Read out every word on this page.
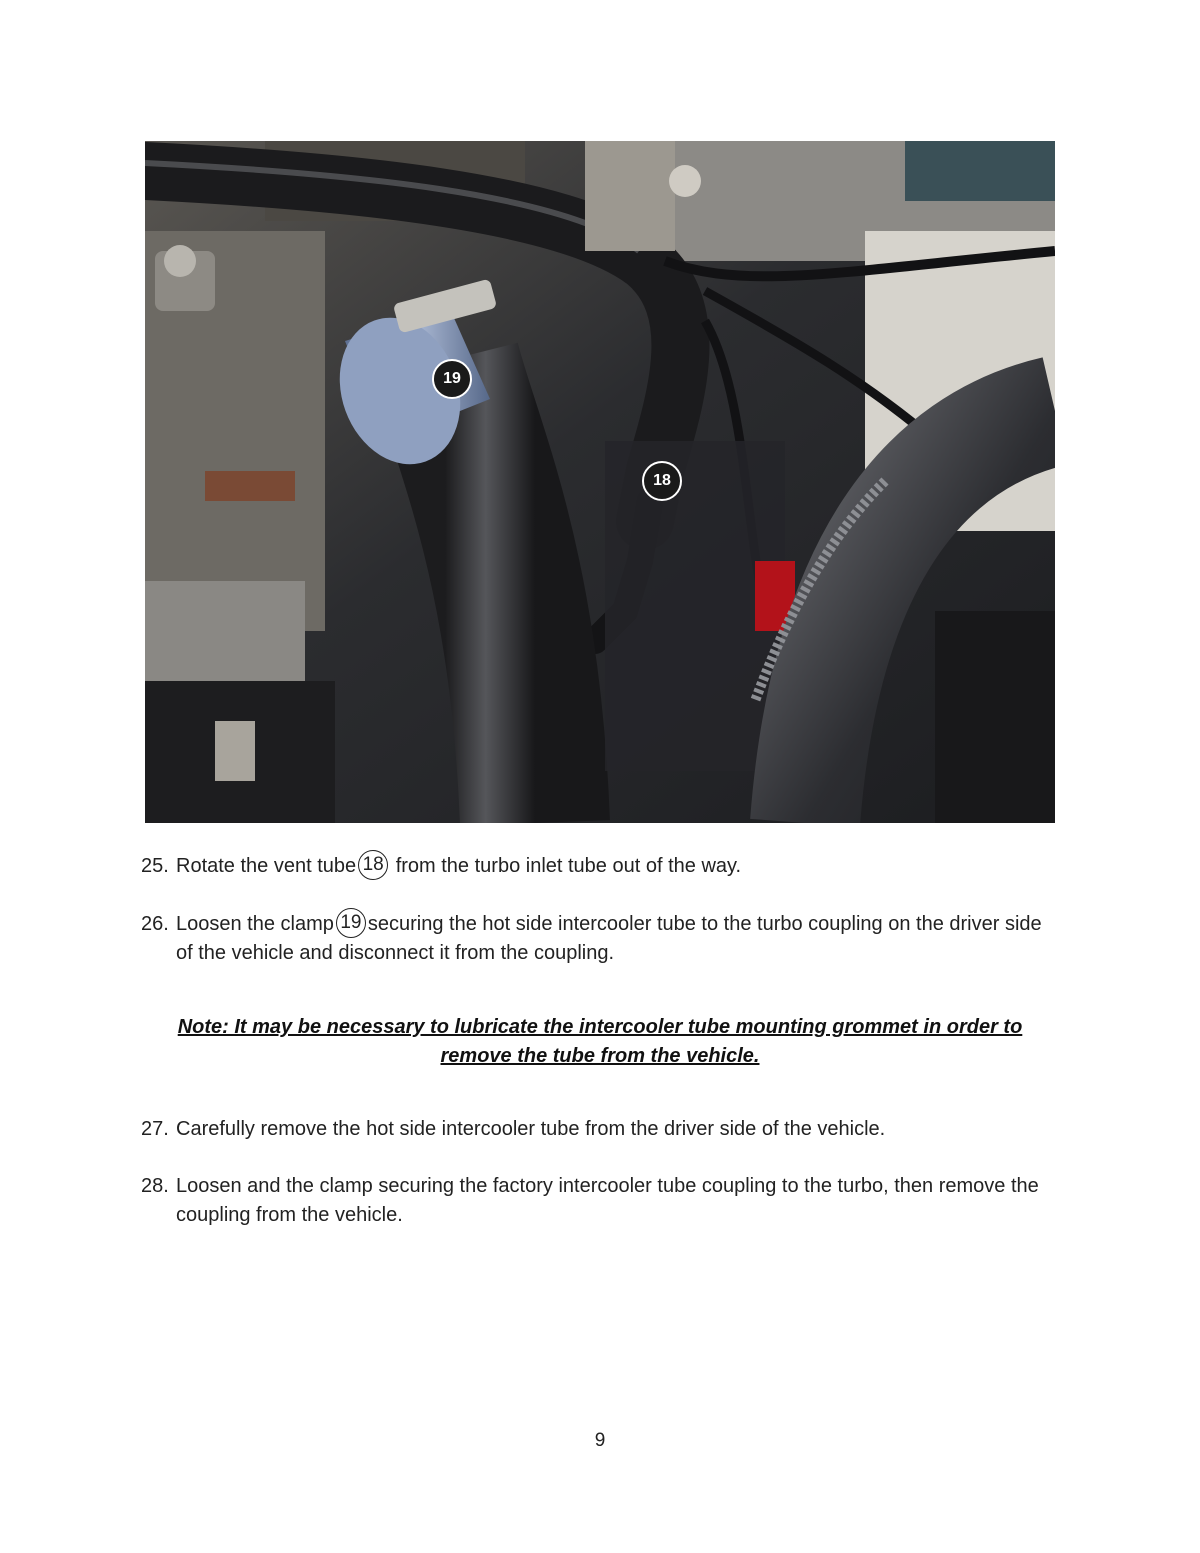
19
18
25. Rotate the vent tube 18 from the turbo inlet tube out of the way.
26. Loosen the clamp 19 securing the hot side intercooler tube to the turbo coupling on the driver side of the vehicle and disconnect it from the coupling.
Note: It may be necessary to lubricate the intercooler tube mounting grommet in order to
remove the tube from the vehicle.
27. Carefully remove the hot side intercooler tube from the driver side of the vehicle.
28. Loosen and the clamp securing the factory intercooler tube coupling to the turbo, then remove the coupling from the vehicle.
9
